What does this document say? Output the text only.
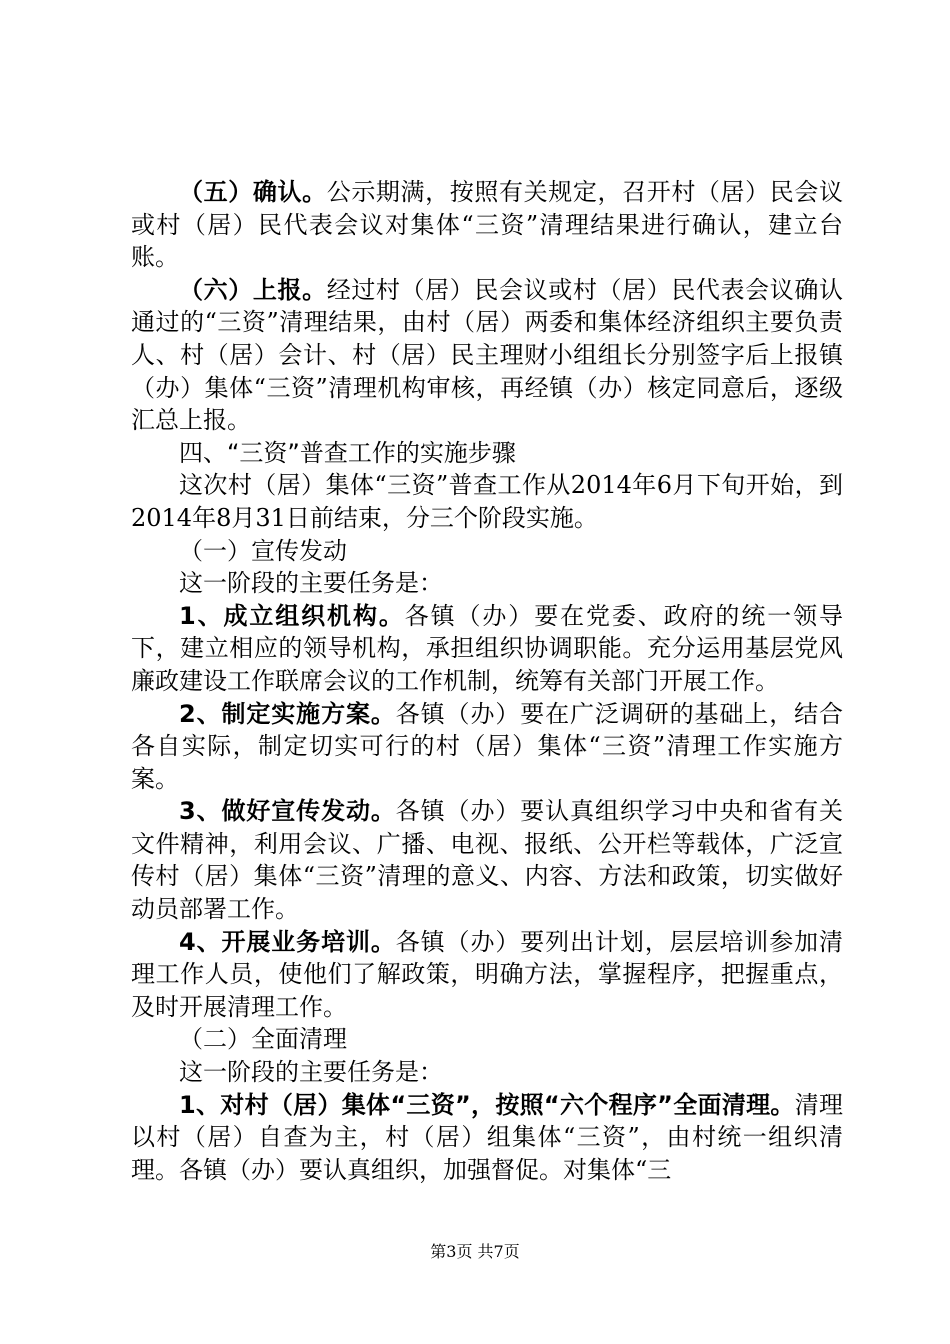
（五）确认。公示期满，按照有关规定，召开村（居）民会议或村（居）民代表会议对集体“三资”清理结果进行确认，建立台账。

（六）上报。经过村（居）民会议或村（居）民代表会议确认通过的“三资”清理结果，由村（居）两委和集体经济组织主要负责人、村（居）会计、村（居）民主理财小组组长分别签字后上报镇（办）集体“三资”清理机构审核，再经镇（办）核定同意后，逐级汇总上报。

四、“三资”普查工作的实施步骤

这次村（居）集体“三资”普查工作从2014年6月下旬开始，到2014年8月31日前结束，分三个阶段实施。

（一）宣传发动

这一阶段的主要任务是：

1、成立组织机构。各镇（办）要在党委、政府的统一领导下，建立相应的领导机构，承担组织协调职能。充分运用基层党风廉政建设工作联席会议的工作机制，统筹有关部门开展工作。

2、制定实施方案。各镇（办）要在广泛调研的基础上，结合各自实际，制定切实可行的村（居）集体“三资”清理工作实施方案。

3、做好宣传发动。各镇（办）要认真组织学习中央和省有关文件精神，利用会议、广播、电视、报纸、公开栏等载体，广泛宣传村（居）集体“三资”清理的意义、内容、方法和政策，切实做好动员部署工作。

4、开展业务培训。各镇（办）要列出计划，层层培训参加清理工作人员，使他们了解政策，明确方法，掌握程序，把握重点，及时开展清理工作。

（二）全面清理

这一阶段的主要任务是：

1、对村（居）集体“三资”，按照“六个程序”全面清理。清理以村（居）自查为主，村（居）组集体“三资”，由村统一组织清理。各镇（办）要认真组织，加强督促。对集体“三

第3页 共7页
